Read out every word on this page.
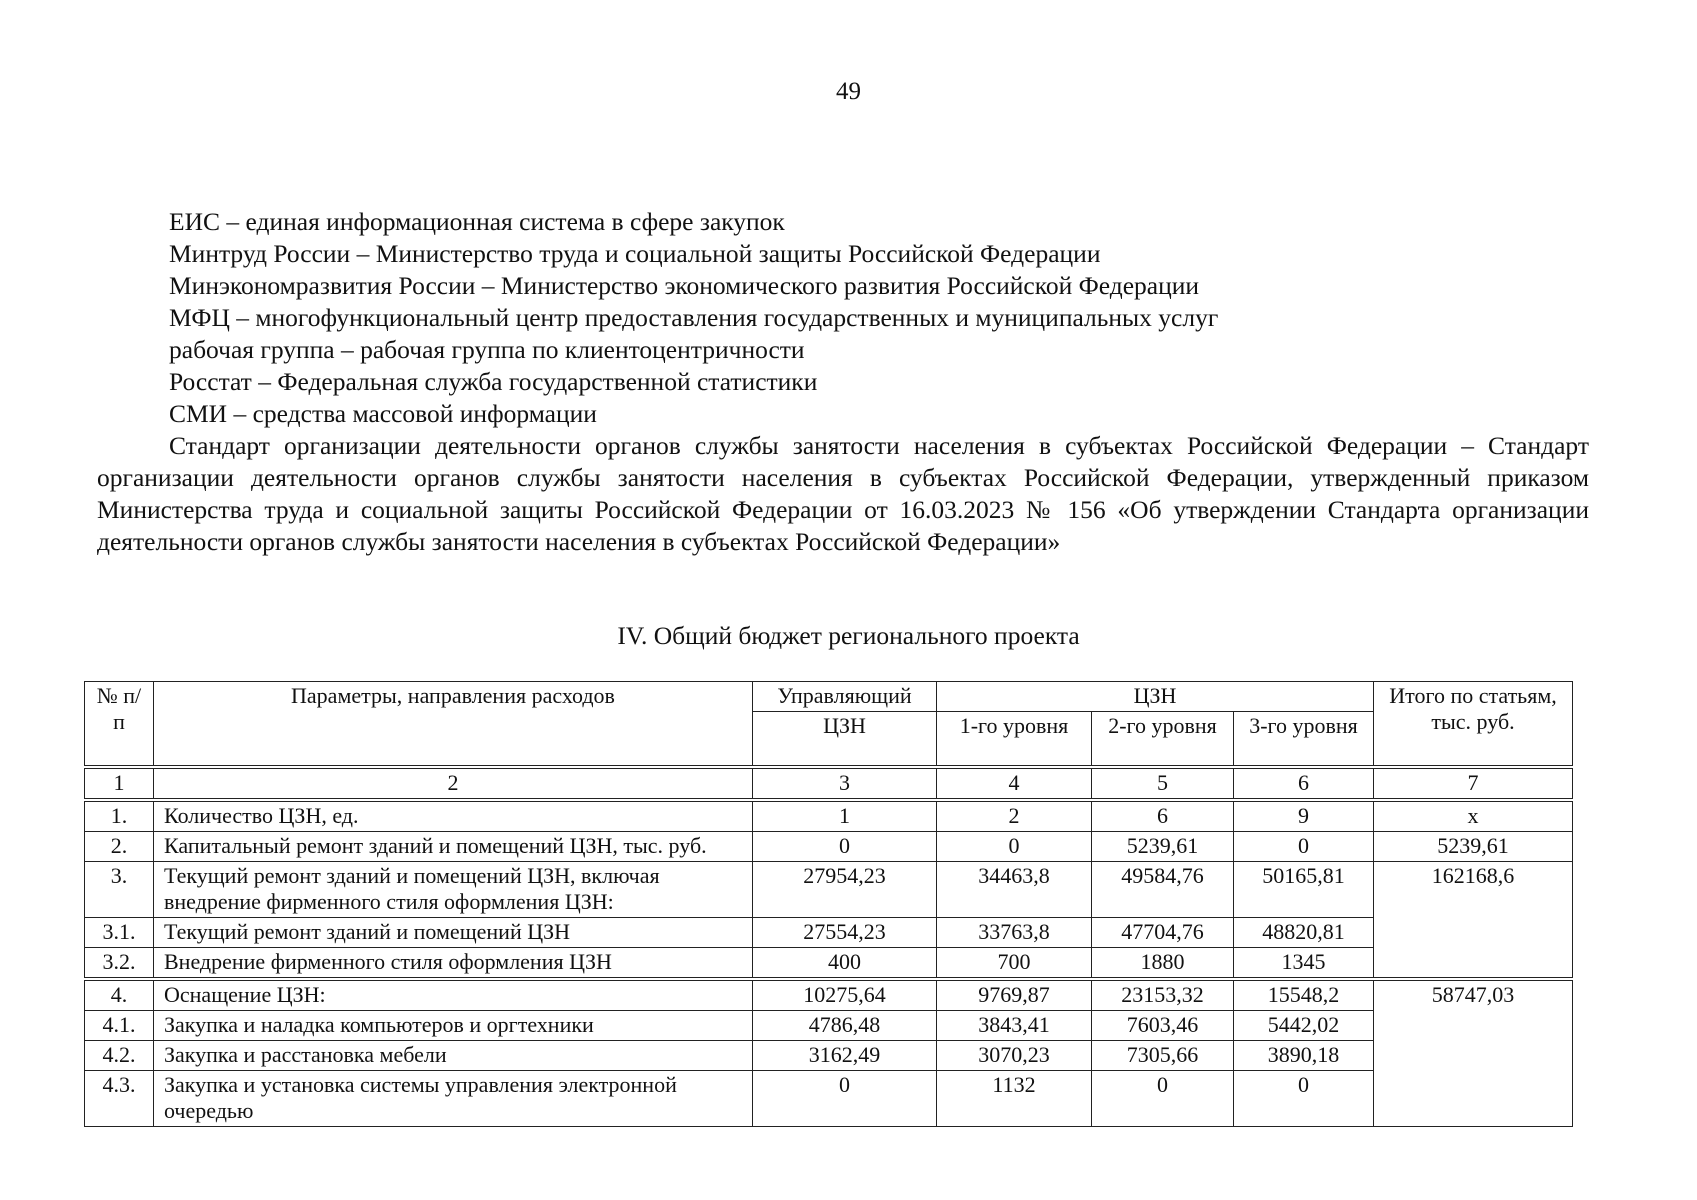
49
ЕИС – единая информационная система в сфере закупок
Минтруд России – Министерство труда и социальной защиты Российской Федерации
Минэкономразвития России – Министерство экономического развития Российской Федерации
МФЦ – многофункциональный центр предоставления государственных и муниципальных услуг
рабочая группа – рабочая группа по клиентоцентричности
Росстат – Федеральная служба государственной статистики
СМИ – средства массовой информации

Стандарт организации деятельности органов службы занятости населения в субъектах Российской Федерации – Стандарт организации деятельности органов службы занятости населения в субъектах Российской Федерации, утвержденный приказом Министерства труда и социальной защиты Российской Федерации от 16.03.2023 № 156 «Об утверждении Стандарта организации деятельности органов службы занятости населения в субъектах Российской Федерации»

IV. Общий бюджет регионального проекта
№ п/п	Параметры, направления расходов	Управляющий	ЦЗН			Итого по статьям, тыс. руб.
		ЦЗН	1-го уровня	2-го уровня	3-го уровня	
1	2	3	4	5	6	7
1.	Количество ЦЗН, ед.	1	2	6	9	x
2.	Капитальный ремонт зданий и помещений ЦЗН, тыс. руб.	0	0	5239,61	0	5239,61
3.	Текущий ремонт зданий и помещений ЦЗН, включая внедрение фирменного стиля оформления ЦЗН:	27954,23	34463,8	49584,76	50165,81	162168,6
3.1.	Текущий ремонт зданий и помещений ЦЗН	27554,23	33763,8	47704,76	48820,81	
3.2.	Внедрение фирменного стиля оформления ЦЗН	400	700	1880	1345	
4.	Оснащение ЦЗН:	10275,64	9769,87	23153,32	15548,2	58747,03
4.1.	Закупка и наладка компьютеров и оргтехники	4786,48	3843,41	7603,46	5442,02	
4.2.	Закупка и расстановка мебели	3162,49	3070,23	7305,66	3890,18	
4.3.	Закупка и установка системы управления электронной очередью	0	1132	0	0	
